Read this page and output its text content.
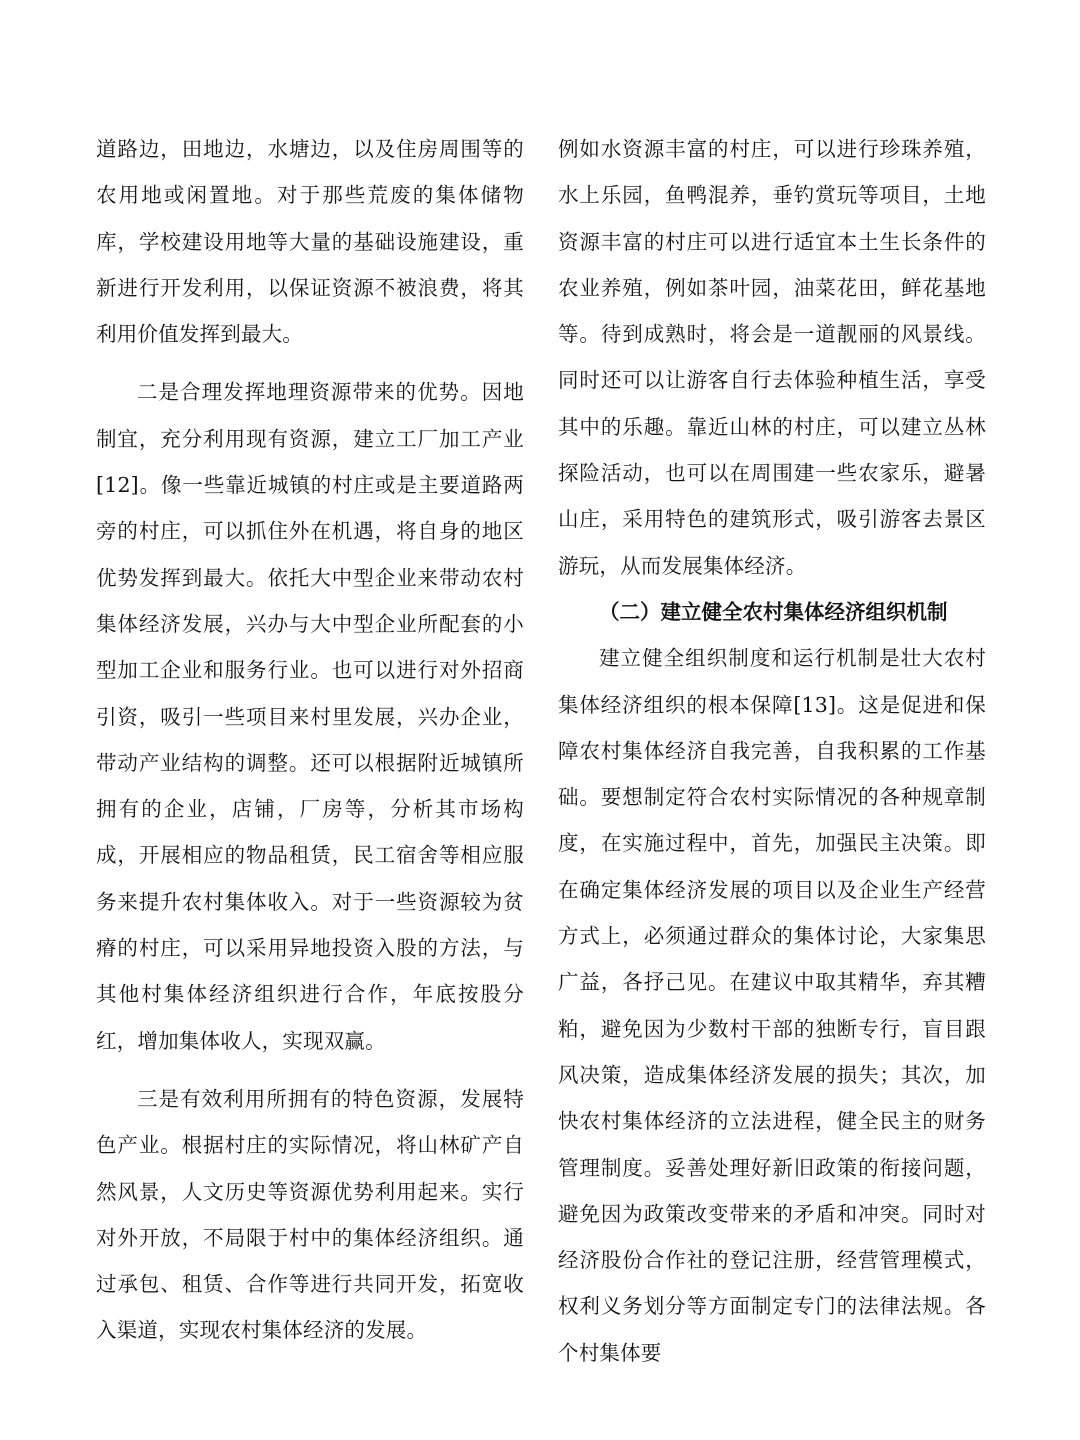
道路边，田地边，水塘边，以及住房周围等的农用地或闲置地。对于那些荒废的集体储物库，学校建设用地等大量的基础设施建设，重新进行开发利用，以保证资源不被浪费，将其利用价值发挥到最大。

二是合理发挥地理资源带来的优势。因地制宜，充分利用现有资源，建立工厂加工产业[12]。像一些靠近城镇的村庄或是主要道路两旁的村庄，可以抓住外在机遇，将自身的地区优势发挥到最大。依托大中型企业来带动农村集体经济发展，兴办与大中型企业所配套的小型加工企业和服务行业。也可以进行对外招商引资，吸引一些项目来村里发展，兴办企业，带动产业结构的调整。还可以根据附近城镇所拥有的企业，店铺，厂房等，分析其市场构成，开展相应的物品租赁，民工宿舍等相应服务来提升农村集体收入。对于一些资源较为贫瘠的村庄，可以采用异地投资入股的方法，与其他村集体经济组织进行合作，年底按股分红，增加集体收人，实现双赢。

三是有效利用所拥有的特色资源，发展特色产业。根据村庄的实际情况，将山林矿产自然风景，人文历史等资源优势利用起来。实行对外开放，不局限于村中的集体经济组织。通过承包、租赁、合作等进行共同开发，拓宽收入渠道，实现农村集体经济的发展。

例如水资源丰富的村庄，可以进行珍珠养殖，水上乐园，鱼鸭混养，垂钓赏玩等项目，土地资源丰富的村庄可以进行适宜本土生长条件的农业养殖，例如茶叶园，油菜花田，鲜花基地等。待到成熟时，将会是一道靓丽的风景线。同时还可以让游客自行去体验种植生活，享受其中的乐趣。靠近山林的村庄，可以建立丛林探险活动，也可以在周围建一些农家乐，避暑山庄，采用特色的建筑形式，吸引游客去景区游玩，从而发展集体经济。

（二）建立健全农村集体经济组织机制

建立健全组织制度和运行机制是壮大农村集体经济组织的根本保障[13]。这是促进和保障农村集体经济自我完善，自我积累的工作基础。要想制定符合农村实际情况的各种规章制度，在实施过程中，首先，加强民主决策。即在确定集体经济发展的项目以及企业生产经营方式上，必须通过群众的集体讨论，大家集思广益，各抒己见。在建议中取其精华，弃其糟粕，避免因为少数村干部的独断专行，盲目跟风决策，造成集体经济发展的损失；其次，加快农村集体经济的立法进程，健全民主的财务管理制度。妥善处理好新旧政策的衔接问题，避免因为政策改变带来的矛盾和冲突。同时对经济股份合作社的登记注册，经营管理模式，权利义务划分等方面制定专门的法律法规。各个村集体要
